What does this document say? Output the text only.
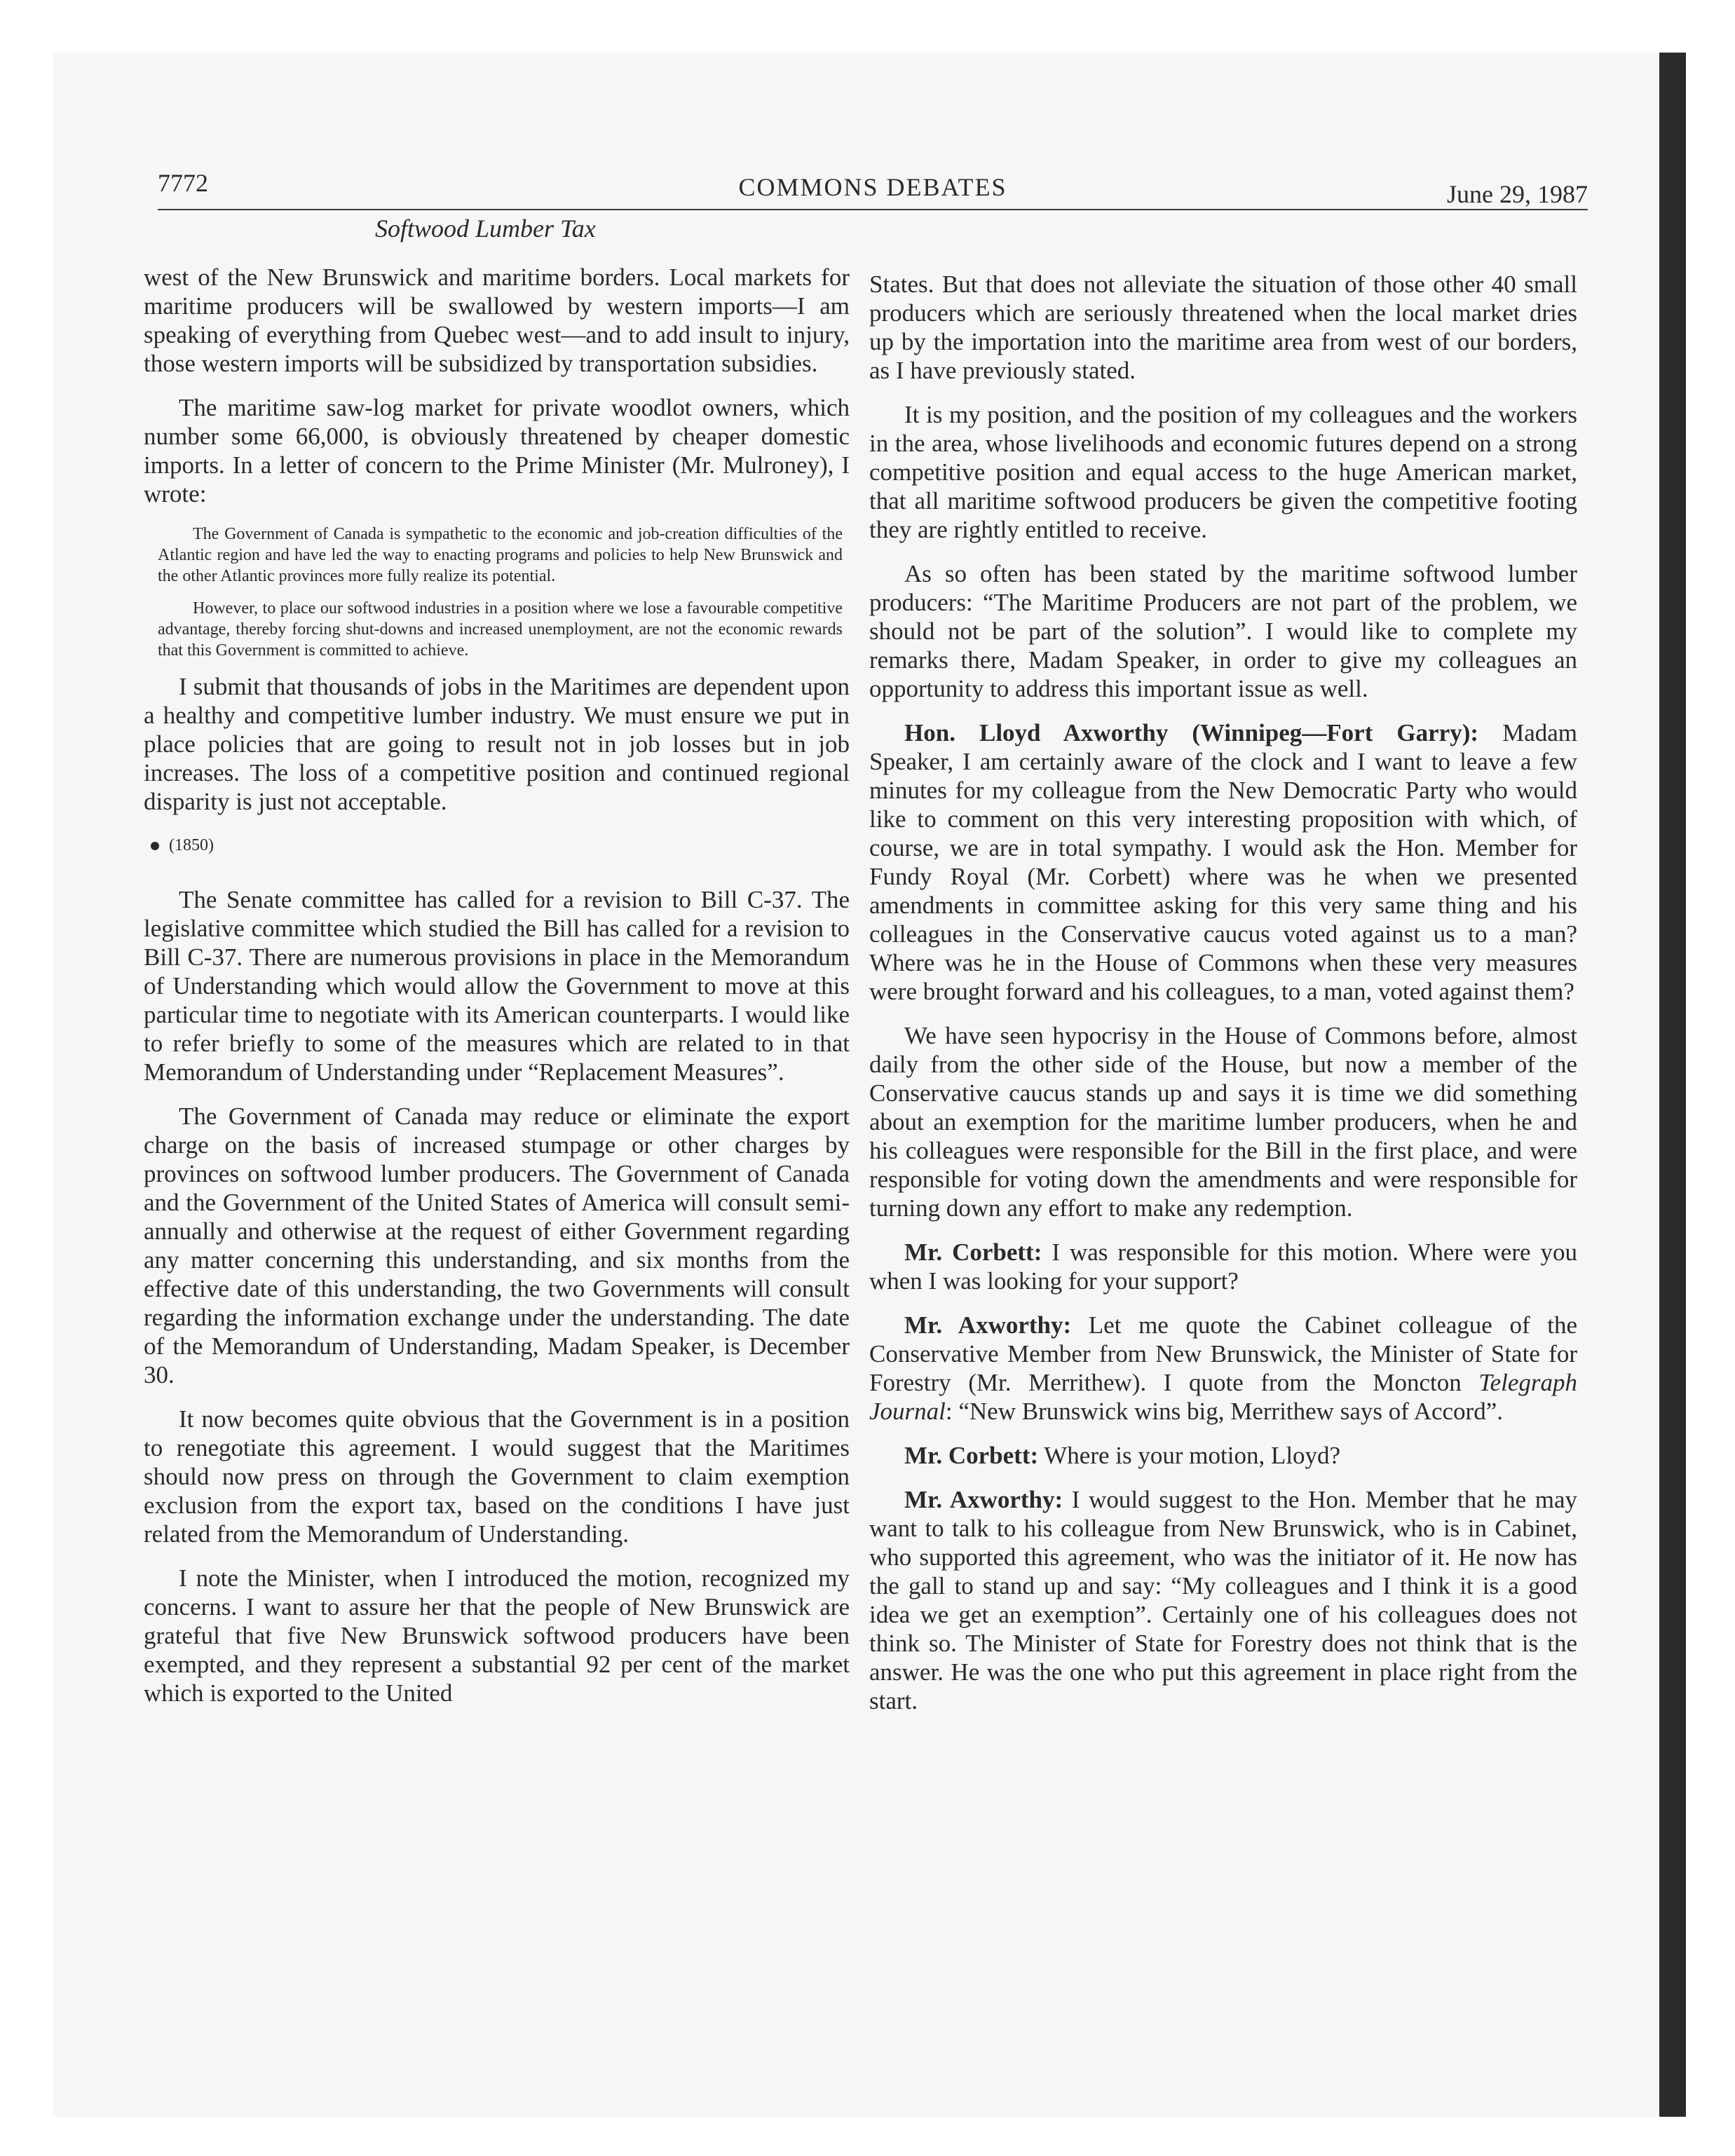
7772	COMMONS DEBATES	June 29, 1987
Softwood Lumber Tax

west of the New Brunswick and maritime borders. Local markets for maritime producers will be swallowed by western imports—I am speaking of everything from Quebec west—and to add insult to injury, those western imports will be subsidized by transportation subsidies.

The maritime saw-log market for private woodlot owners, which number some 66,000, is obviously threatened by cheaper domestic imports. In a letter of concern to the Prime Minister (Mr. Mulroney), I wrote:

The Government of Canada is sympathetic to the economic and job-creation difficulties of the Atlantic region and have led the way to enacting programs and policies to help New Brunswick and the other Atlantic provinces more fully realize its potential.

However, to place our softwood industries in a position where we lose a favourable competitive advantage, thereby forcing shut-downs and increased unemployment, are not the economic rewards that this Government is committed to achieve.

I submit that thousands of jobs in the Maritimes are dependent upon a healthy and competitive lumber industry. We must ensure we put in place policies that are going to result not in job losses but in job increases. The loss of a competitive position and continued regional disparity is just not acceptable.

(1850)

The Senate committee has called for a revision to Bill C-37. The legislative committee which studied the Bill has called for a revision to Bill C-37. There are numerous provisions in place in the Memorandum of Understanding which would allow the Government to move at this particular time to negotiate with its American counterparts. I would like to refer briefly to some of the measures which are related to in that Memorandum of Understanding under “Replacement Measures”.

The Government of Canada may reduce or eliminate the export charge on the basis of increased stumpage or other charges by provinces on softwood lumber producers. The Government of Canada and the Government of the United States of America will consult semi-annually and otherwise at the request of either Government regarding any matter concerning this understanding, and six months from the effective date of this understanding, the two Governments will consult regarding the information exchange under the understanding. The date of the Memorandum of Understanding, Madam Speaker, is December 30.

It now becomes quite obvious that the Government is in a position to renegotiate this agreement. I would suggest that the Maritimes should now press on through the Government to claim exemption exclusion from the export tax, based on the conditions I have just related from the Memorandum of Understanding.

I note the Minister, when I introduced the motion, recognized my concerns. I want to assure her that the people of New Brunswick are grateful that five New Brunswick softwood producers have been exempted, and they represent a substantial 92 per cent of the market which is exported to the United

States. But that does not alleviate the situation of those other 40 small producers which are seriously threatened when the local market dries up by the importation into the maritime area from west of our borders, as I have previously stated.

It is my position, and the position of my colleagues and the workers in the area, whose livelihoods and economic futures depend on a strong competitive position and equal access to the huge American market, that all maritime softwood producers be given the competitive footing they are rightly entitled to receive.

As so often has been stated by the maritime softwood lumber producers: “The Maritime Producers are not part of the problem, we should not be part of the solution”. I would like to complete my remarks there, Madam Speaker, in order to give my colleagues an opportunity to address this important issue as well.

Hon. Lloyd Axworthy (Winnipeg—Fort Garry): Madam Speaker, I am certainly aware of the clock and I want to leave a few minutes for my colleague from the New Democratic Party who would like to comment on this very interesting proposition with which, of course, we are in total sympathy. I would ask the Hon. Member for Fundy Royal (Mr. Corbett) where was he when we presented amendments in committee asking for this very same thing and his colleagues in the Conservative caucus voted against us to a man? Where was he in the House of Commons when these very measures were brought forward and his colleagues, to a man, voted against them?

We have seen hypocrisy in the House of Commons before, almost daily from the other side of the House, but now a member of the Conservative caucus stands up and says it is time we did something about an exemption for the maritime lumber producers, when he and his colleagues were responsible for the Bill in the first place, and were responsible for voting down the amendments and were responsible for turning down any effort to make any redemption.

Mr. Corbett: I was responsible for this motion. Where were you when I was looking for your support?

Mr. Axworthy: Let me quote the Cabinet colleague of the Conservative Member from New Brunswick, the Minister of State for Forestry (Mr. Merrithew). I quote from the Moncton Telegraph Journal: “New Brunswick wins big, Merrithew says of Accord”.

Mr. Corbett: Where is your motion, Lloyd?

Mr. Axworthy: I would suggest to the Hon. Member that he may want to talk to his colleague from New Brunswick, who is in Cabinet, who supported this agreement, who was the initiator of it. He now has the gall to stand up and say: “My colleagues and I think it is a good idea we get an exemption”. Certainly one of his colleagues does not think so. The Minister of State for Forestry does not think that is the answer. He was the one who put this agreement in place right from the start.
